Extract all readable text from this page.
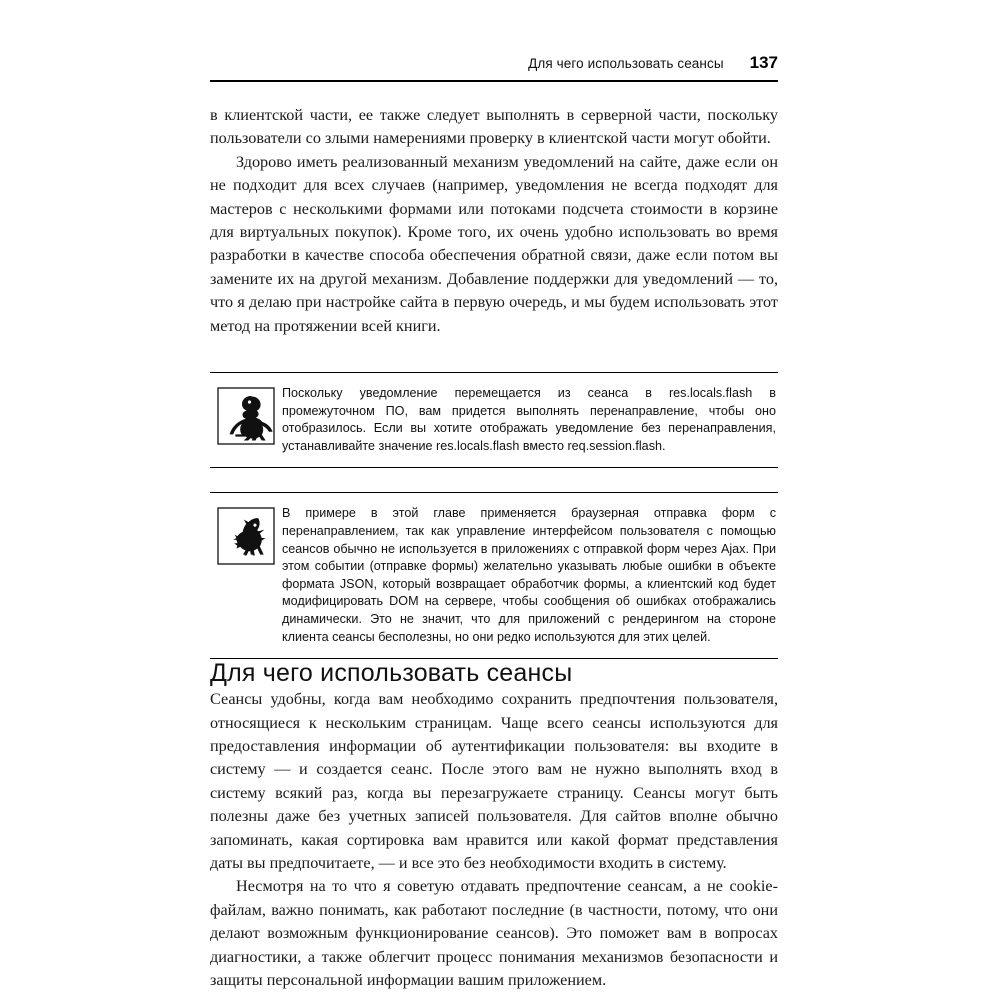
Для чего использовать сеансы 137

в клиентской части, ее также следует выполнять в серверной части, поскольку пользователи со злыми намерениями проверку в клиентской части могут обойти.

Здорово иметь реализованный механизм уведомлений на сайте, даже если он не подходит для всех случаев (например, уведомления не всегда подходят для мастеров с несколькими формами или потоками подсчета стоимости в корзине для виртуальных покупок). Кроме того, их очень удобно использовать во время разработки в качестве способа обеспечения обратной связи, даже если потом вы замените их на другой механизм. Добавление поддержки для уведомлений — то, что я делаю при настройке сайта в первую очередь, и мы будем использовать этот метод на протяжении всей книги.

Поскольку уведомление перемещается из сеанса в res.locals.flash в промежуточном ПО, вам придется выполнять перенаправление, чтобы оно отобразилось. Если вы хотите отображать уведомление без перенаправления, устанавливайте значение res.locals.flash вместо req.session.flash.
В примере в этой главе применяется браузерная отправка форм с перенаправлением, так как управление интерфейсом пользователя с помощью сеансов обычно не используется в приложениях с отправкой форм через Ajax. При этом событии (отправке формы) желательно указывать любые ошибки в объекте формата JSON, который возвращает обработчик формы, а клиентский код будет модифицировать DOM на сервере, чтобы сообщения об ошибках отображались динамически. Это не значит, что для приложений с рендерингом на стороне клиента сеансы бесполезны, но они редко используются для этих целей.
Для чего использовать сеансы

Сеансы удобны, когда вам необходимо сохранить предпочтения пользователя, относящиеся к нескольким страницам. Чаще всего сеансы используются для предоставления информации об аутентификации пользователя: вы входите в систему — и создается сеанс. После этого вам не нужно выполнять вход в систему всякий раз, когда вы перезагружаете страницу. Сеансы могут быть полезны даже без учетных записей пользователя. Для сайтов вполне обычно запоминать, какая сортировка вам нравится или какой формат представления даты вы предпочитаете, — и все это без необходимости входить в систему.

Несмотря на то что я советую отдавать предпочтение сеансам, а не cookie-файлам, важно понимать, как работают последние (в частности, потому, что они делают возможным функционирование сеансов). Это поможет вам в вопросах диагностики, а также облегчит процесс понимания механизмов безопасности и защиты персональной информации вашим приложением.
